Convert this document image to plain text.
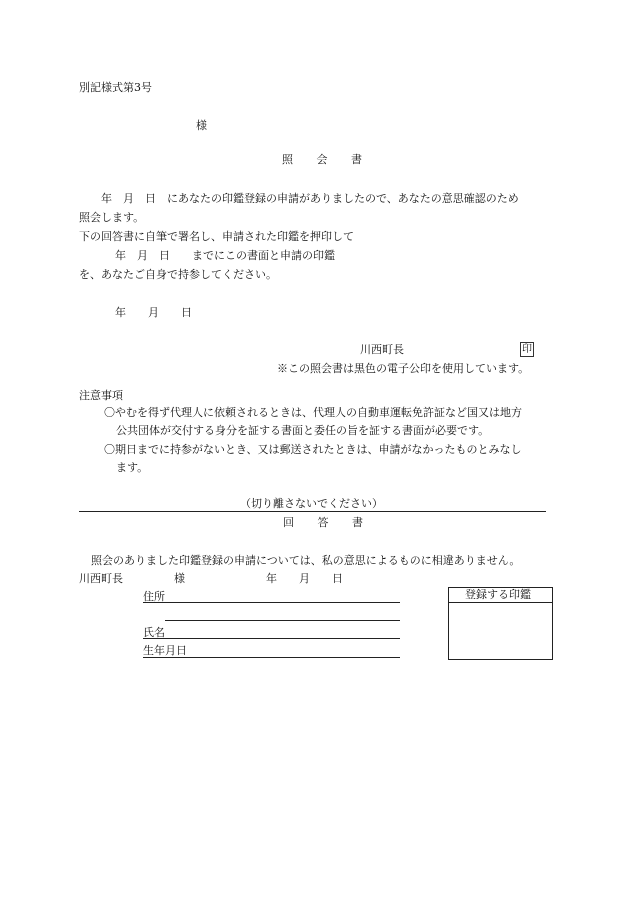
別記様式第3号
様
照 会 書
年　月　日　にあなたの印鑑登録の申請がありましたので、あなたの意思確認のため
照会します。
下の回答書に自筆で署名し、申請された印鑑を押印して
年　月　日　　までにこの書面と申請の印鑑
を、あなたご自身で持参してください。
年　　月　　日
川西町長	印
※この照会書は黒色の電子公印を使用しています。
注意事項
〇やむを得ず代理人に依頼されるときは、代理人の自動車運転免許証など国又は地方
公共団体が交付する身分を証する書面と委任の旨を証する書面が必要です。
〇期日までに持参がないとき、又は郵送されたときは、申請がなかったものとみなし
ます。
（切り離さないでください）
回 答 書
照会のありました印鑑登録の申請については、私の意思によるものに相違ありません。
川西町長	様	年　　月　　日
住所
氏名
生年月日
登録する印鑑
